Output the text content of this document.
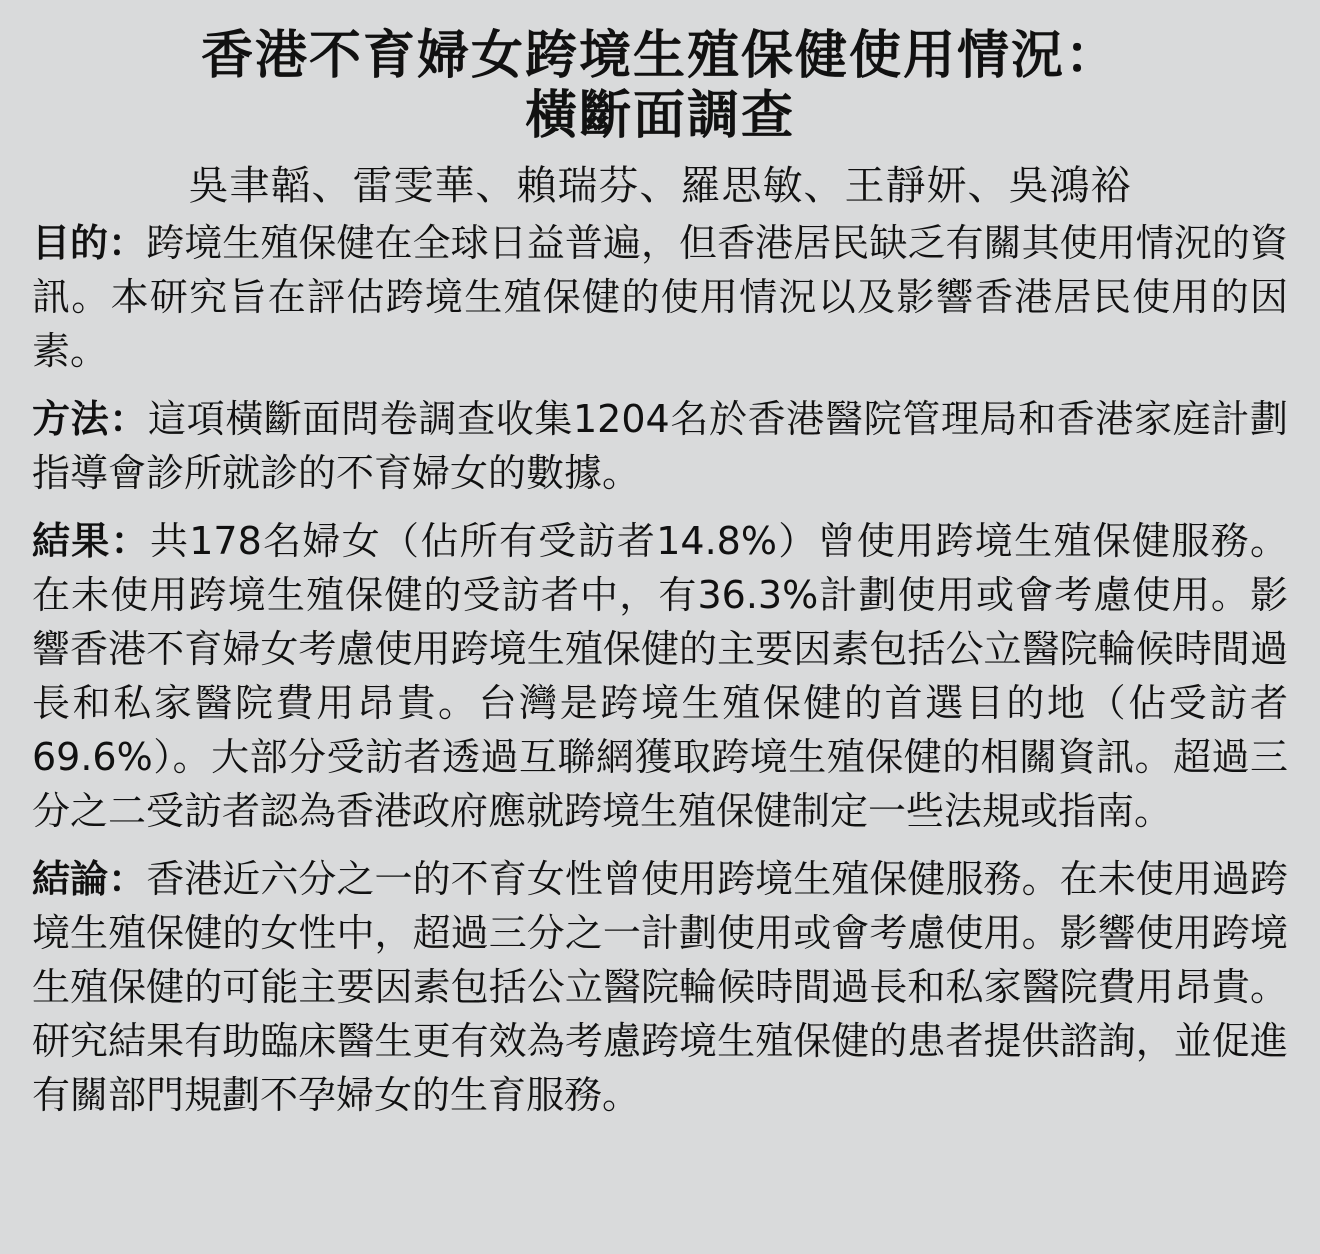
香港不育婦女跨境生殖保健使用情況：
橫斷面調查
吳聿韜、雷雯華、賴瑞芬、羅思敏、王靜妍、吳鴻裕

目的：跨境生殖保健在全球日益普遍，但香港居民缺乏有關其使用情況的資訊。本研究旨在評估跨境生殖保健的使用情況以及影響香港居民使用的因素。

方法：這項橫斷面問卷調查收集1204名於香港醫院管理局和香港家庭計劃指導會診所就診的不育婦女的數據。

結果：共178名婦女（佔所有受訪者14.8%）曾使用跨境生殖保健服務。在未使用跨境生殖保健的受訪者中，有36.3%計劃使用或會考慮使用。影響香港不育婦女考慮使用跨境生殖保健的主要因素包括公立醫院輪候時間過長和私家醫院費用昂貴。台灣是跨境生殖保健的首選目的地（佔受訪者69.6%）。大部分受訪者透過互聯網獲取跨境生殖保健的相關資訊。超過三分之二受訪者認為香港政府應就跨境生殖保健制定一些法規或指南。

結論：香港近六分之一的不育女性曾使用跨境生殖保健服務。在未使用過跨境生殖保健的女性中，超過三分之一計劃使用或會考慮使用。影響使用跨境生殖保健的可能主要因素包括公立醫院輪候時間過長和私家醫院費用昂貴。研究結果有助臨床醫生更有效為考慮跨境生殖保健的患者提供諮詢，並促進有關部門規劃不孕婦女的生育服務。
